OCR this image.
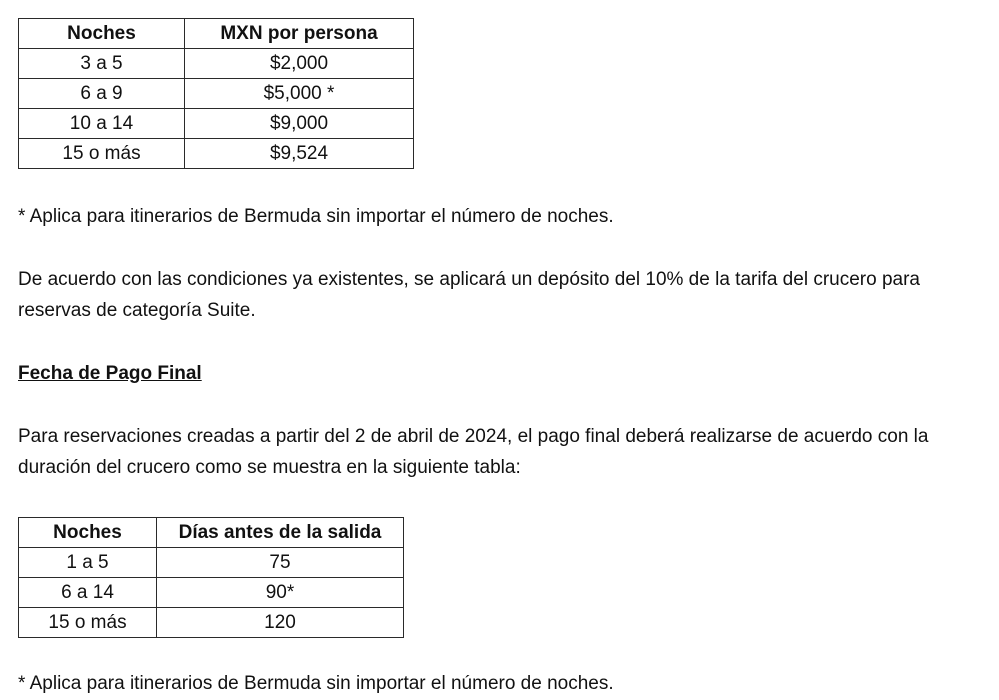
Noches	MXN por persona
3 a 5	$2,000
6 a 9	$5,000 *
10 a 14	$9,000
15 o más	$9,524

* Aplica para itinerarios de Bermuda sin importar el número de noches.

De acuerdo con las condiciones ya existentes, se aplicará un depósito del 10% de la tarifa del crucero para reservas de categoría Suite.

Fecha de Pago Final

Para reservaciones creadas a partir del 2 de abril de 2024, el pago final deberá realizarse de acuerdo con la duración del crucero como se muestra en la siguiente tabla:

Noches	Días antes de la salida
1 a 5	75
6 a 14	90*
15 o más	120

* Aplica para itinerarios de Bermuda sin importar el número de noches.
